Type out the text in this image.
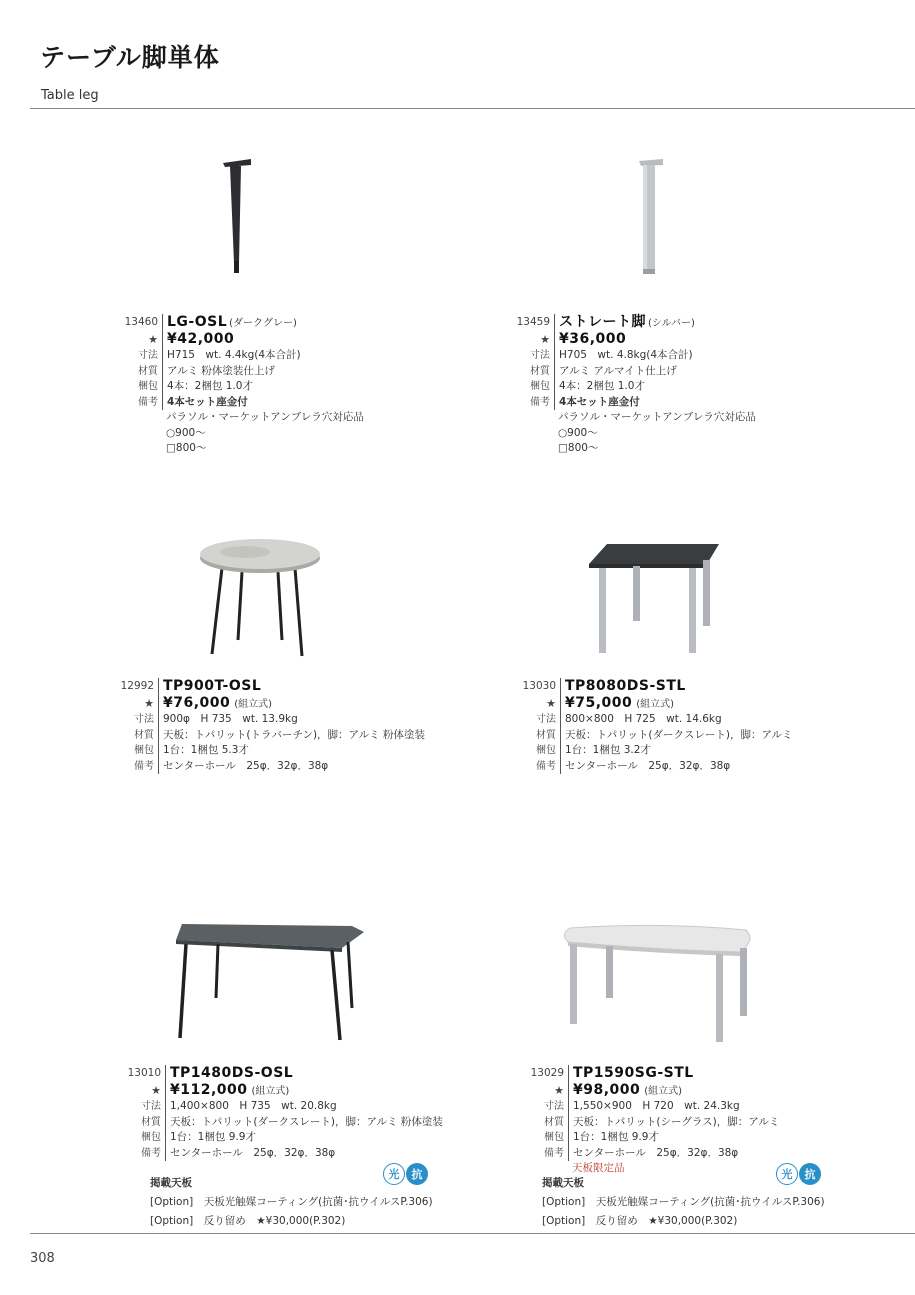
テーブル脚単体
Table leg
13460 LG-OSL (ダークグレー)
★ ¥42,000
寸法 H715　wt. 4.4kg(4本合計)
材質 アルミ 粉体塗装仕上げ
梱包 4本：2梱包 1.0才
備考 4本セット座金付
パラソル・マーケットアンブレラ穴対応品
○900〜
□800〜
13459 ストレート脚 (シルバー)
★ ¥36,000
寸法 H705　wt. 4.8kg(4本合計)
材質 アルミ アルマイト仕上げ
梱包 4本：2梱包 1.0才
備考 4本セット座金付
パラソル・マーケットアンブレラ穴対応品
○900〜
□800〜
12992 TP900T-OSL
★ ¥76,000 (組立式)
寸法 900φ　H 735　wt. 13.9kg
材質 天板：トパリット(トラバーチン)，脚：アルミ 粉体塗装
梱包 1台：1梱包 5.3才
備考 センターホール　25φ．32φ．38φ
13030 TP8080DS-STL
★ ¥75,000 (組立式)
寸法 800×800　H 725　wt. 14.6kg
材質 天板：トパリット(ダークスレート)，脚：アルミ
梱包 1台：1梱包 3.2才
備考 センターホール　25φ．32φ．38φ
13010 TP1480DS-OSL
★ ¥112,000 (組立式)
寸法 1,400×800　H 735　wt. 20.8kg
材質 天板：トパリット(ダークスレート)，脚：アルミ 粉体塗装
梱包 1台：1梱包 9.9才
備考 センターホール　25φ．32φ．38φ
13029 TP1590SG-STL
★ ¥98,000 (組立式)
寸法 1,550×900　H 720　wt. 24.3kg
材質 天板：トパリット(シーグラス)，脚：アルミ
梱包 1台：1梱包 9.9才
備考 センターホール　25φ．32φ．38φ
天板限定品
掲載天板
[Option]　天板光触媒コーティング(抗菌･抗ウイルスP.306)
[Option]　反り留め　★¥30,000(P.302)
光	抗
掲載天板
[Option]　天板光触媒コーティング(抗菌･抗ウイルスP.306)
[Option]　反り留め　★¥30,000(P.302)
光	抗
308
